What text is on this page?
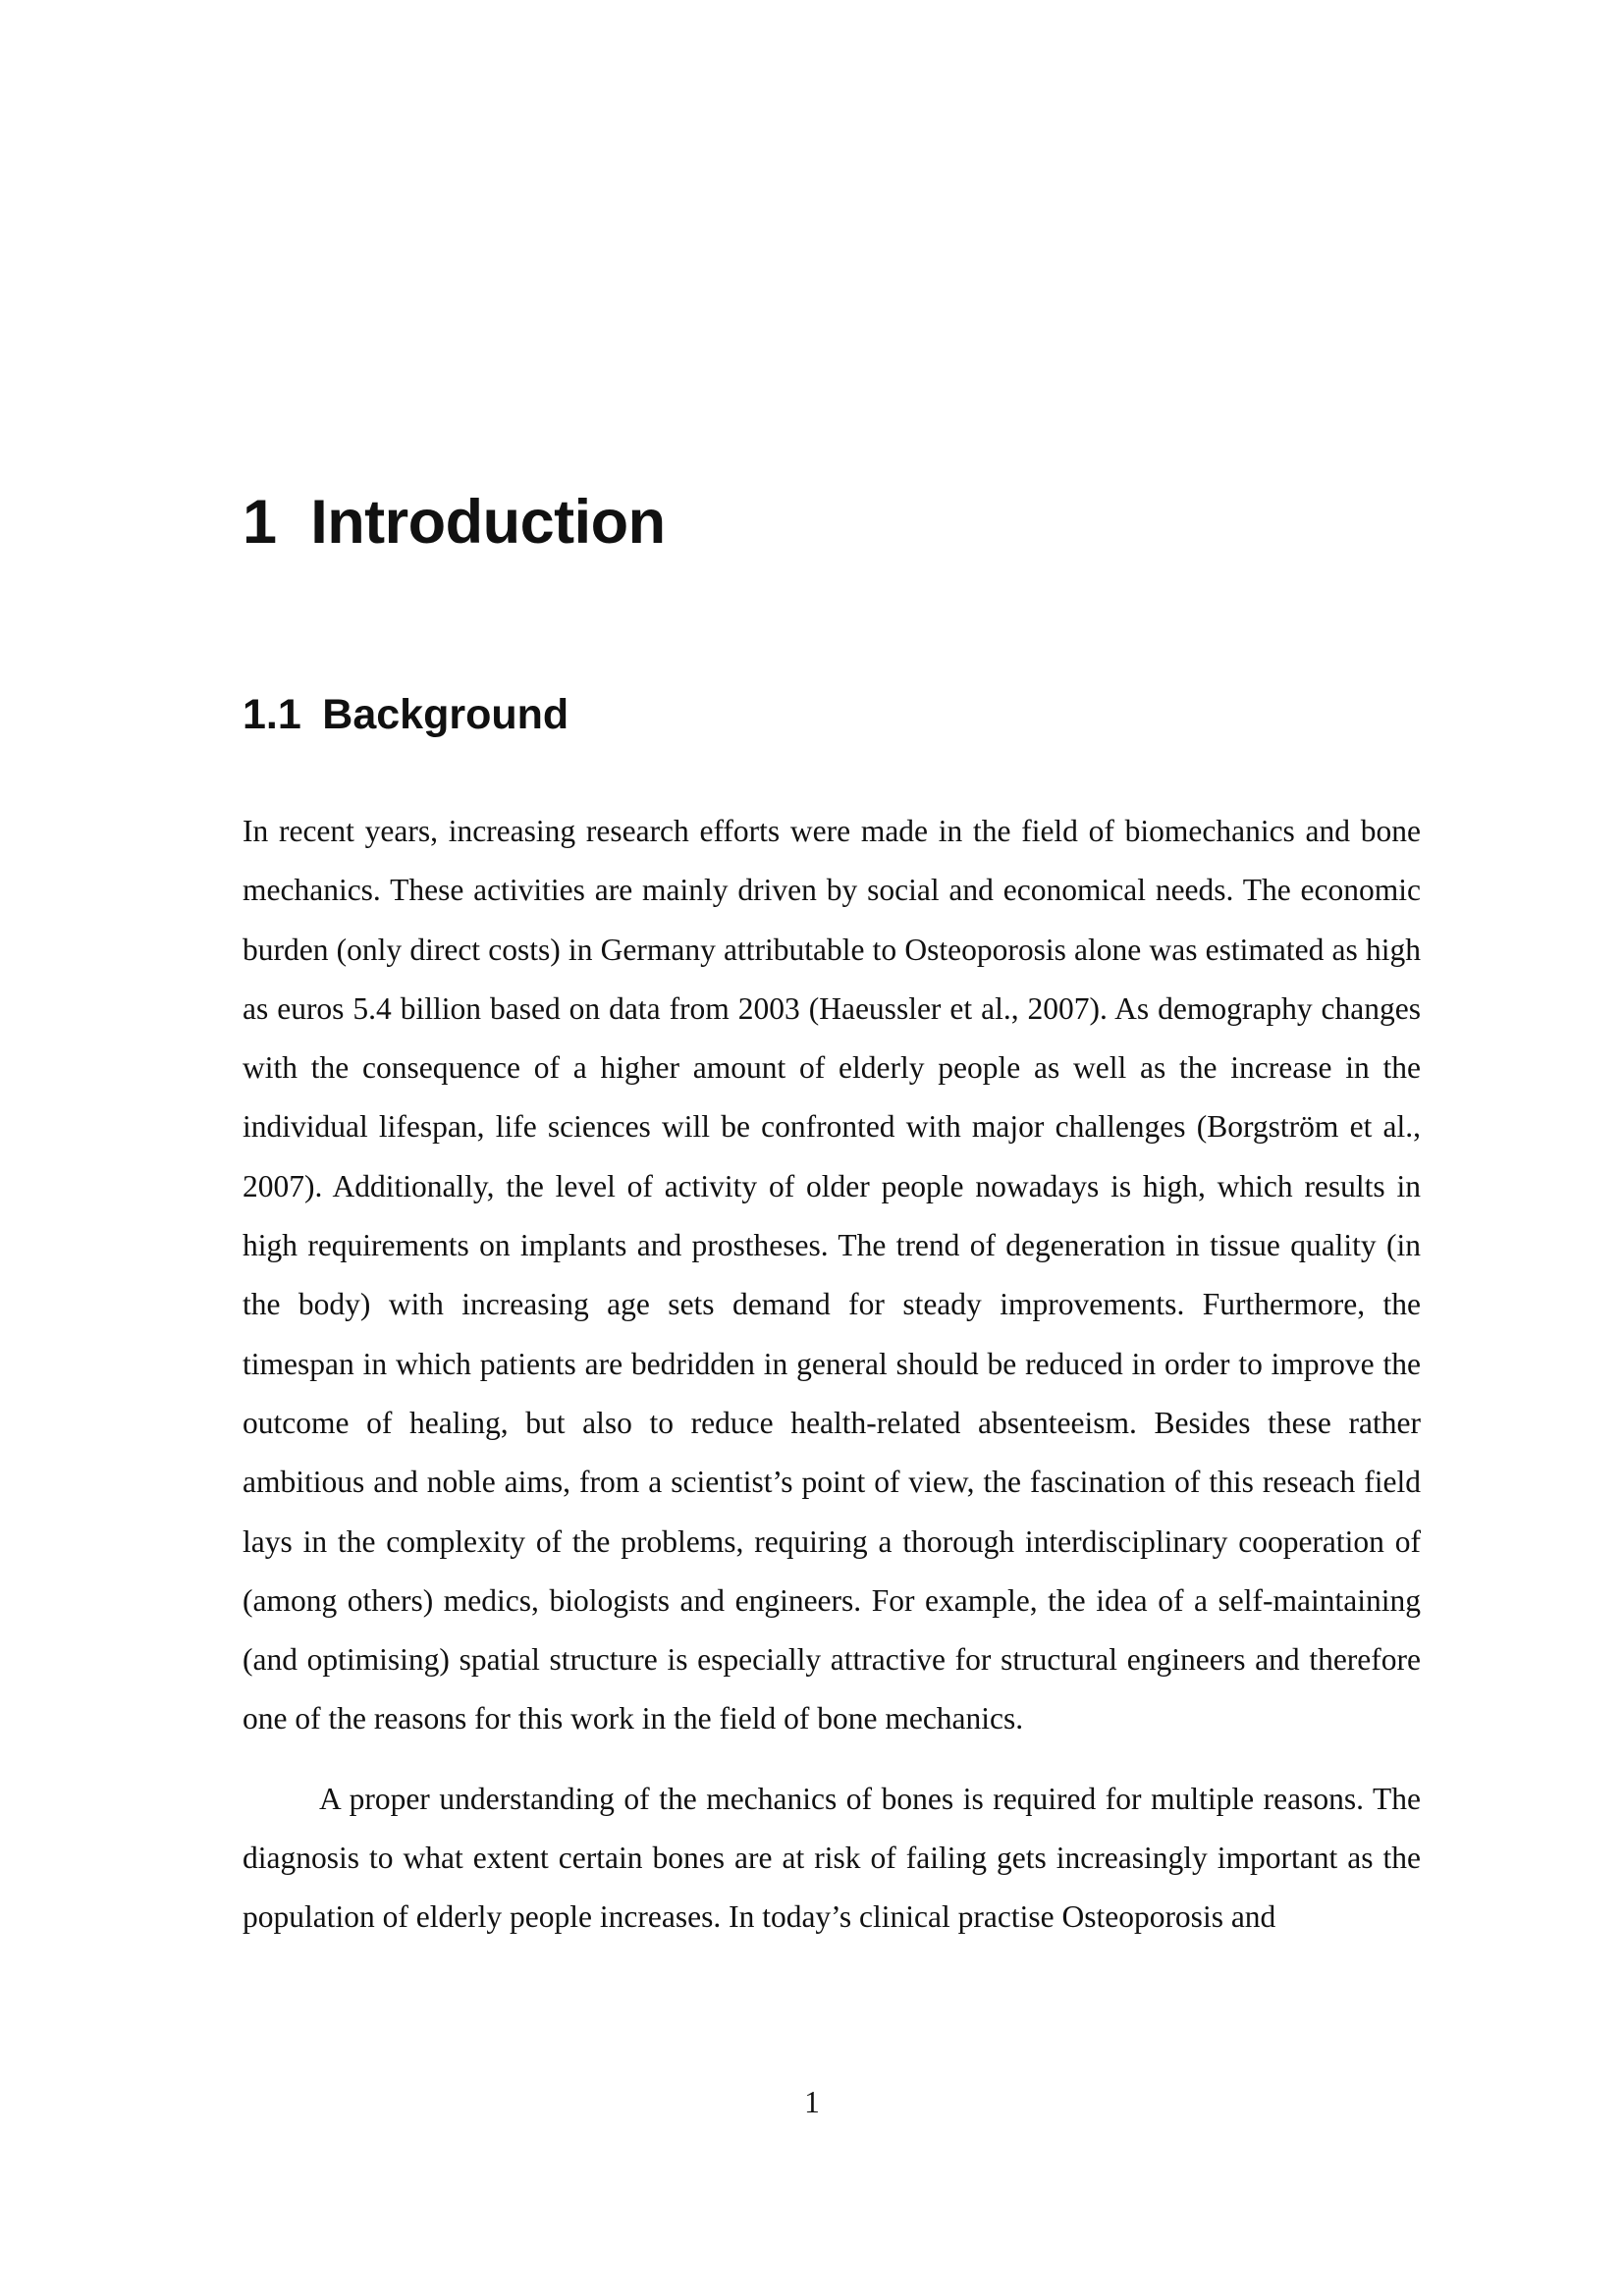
1 Introduction
1.1 Background

In recent years, increasing research efforts were made in the field of biomechanics and bone mechanics. These activities are mainly driven by social and economical needs. The economic burden (only direct costs) in Germany attributable to Osteoporosis alone was estimated as high as euros 5.4 billion based on data from 2003 (Haeussler et al., 2007). As demography changes with the consequence of a higher amount of elderly people as well as the increase in the individual lifespan, life sciences will be confronted with major challenges (Borgström et al., 2007). Additionally, the level of activity of older people nowadays is high, which results in high requirements on implants and prostheses. The trend of degeneration in tissue quality (in the body) with increasing age sets demand for steady improvements. Furthermore, the timespan in which patients are bedridden in general should be reduced in order to improve the outcome of healing, but also to reduce health-related absenteeism. Besides these rather ambitious and noble aims, from a scientist’s point of view, the fascination of this reseach field lays in the complexity of the problems, requiring a thorough interdisciplinary cooperation of (among others) medics, biologists and engineers. For example, the idea of a self-maintaining (and optimising) spatial structure is especially attractive for structural engineers and therefore one of the reasons for this work in the field of bone mechanics.

A proper understanding of the mechanics of bones is required for multiple reasons. The diagnosis to what extent certain bones are at risk of failing gets increasingly important as the population of elderly people increases. In today’s clinical practise Osteoporosis and

1
